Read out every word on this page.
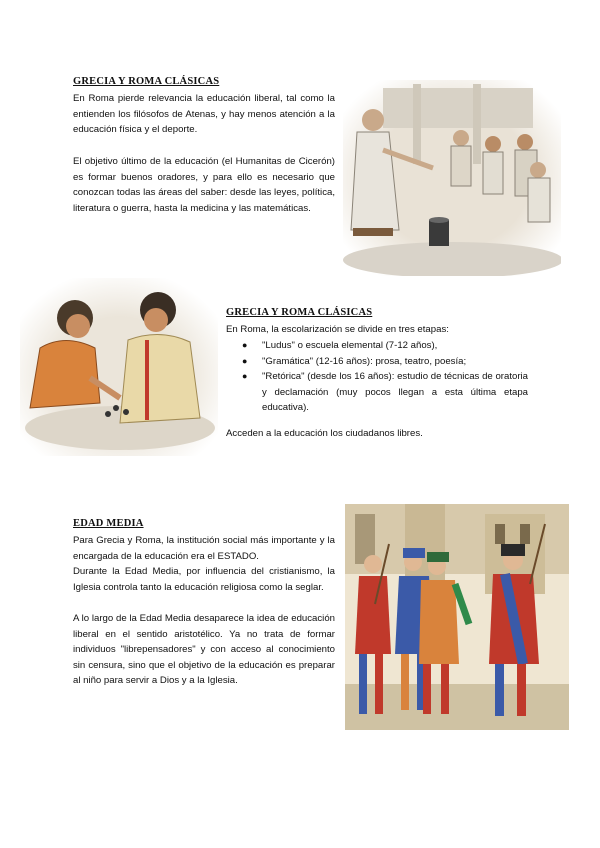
GRECIA Y ROMA CLÁSICAS

En Roma pierde relevancia la educación liberal, tal como la entienden los filósofos de Atenas, y hay menos atención a la educación física y el deporte.

El objetivo último de la educación (el Humanitas de Cicerón) es formar buenos oradores, y para ello es necesario que conozcan todas las áreas del saber: desde las leyes, política, literatura o guerra, hasta la medicina y las matemáticas.

GRECIA Y ROMA CLÁSICAS

En Roma, la escolarización se divide en tres etapas:

●	"Ludus" o escuela elemental (7-12 años),
●	"Gramática" (12-16 años): prosa, teatro, poesía;
●	"Retórica" (desde los 16 años): estudio de técnicas de oratoria y declamación (muy pocos llegan a esta última etapa educativa).

Acceden a la educación los ciudadanos libres.

EDAD MEDIA

Para Grecia y Roma, la institución social más importante y la encargada de la educación era el ESTADO.

Durante la Edad Media, por influencia del cristianismo, la Iglesia controla tanto la educación religiosa como la seglar.

A lo largo de la Edad Media desaparece la idea de educación liberal en el sentido aristotélico. Ya no trata de formar individuos "librepensadores" y con acceso al conocimiento sin censura, sino que el objetivo de la educación es preparar al niño para servir a Dios y a la Iglesia.
